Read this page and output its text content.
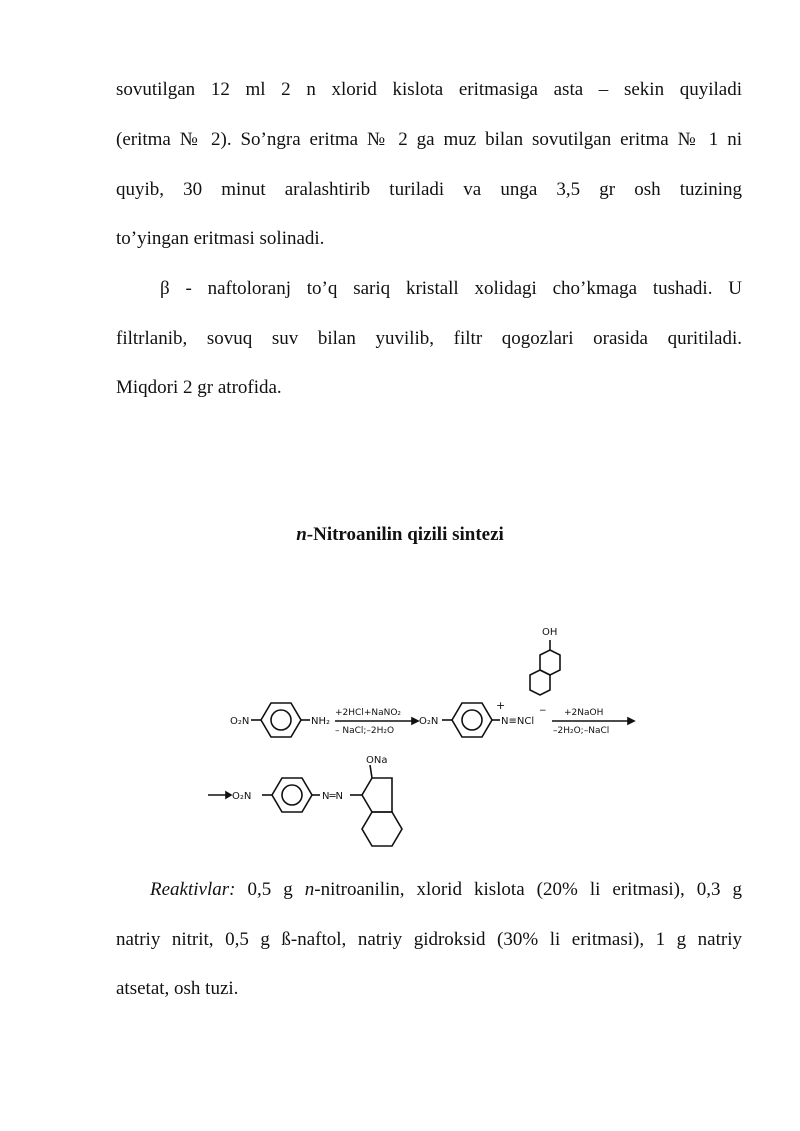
sovutilgan 12 ml 2 n xlorid kislota eritmasiga asta – sekin quyiladi
(eritma № 2). So’ngra eritma № 2 ga muz bilan sovutilgan eritma № 1 ni
quyib, 30 minut aralashtirib turiladi va unga 3,5 gr osh tuzining
to’yingan eritmasi solinadi.
β - naftoloranj to’q sariq kristall xolidagi cho’kmaga tushadi. U
filtrlanib, sovuq suv bilan yuvilib, filtr qogozlari orasida quritiladi.
Miqdori 2 gr atrofida.
n-Nitroanilin qizili sintezi
O₂N	NH₂
+2HCl+NaNO₂
– NaCl;–2H₂O
O₂N
+
N≡NCl
−
OH
+2NaOH
–2H₂O;–NaCl
O₂N	N═N
ONa
Reaktivlar: 0,5 g n-nitroanilin, xlorid kislota (20% li eritmasi), 0,3 g
natriy nitrit, 0,5 g ß-naftol, natriy gidroksid (30% li eritmasi), 1 g natriy
atsetat, osh tuzi.
